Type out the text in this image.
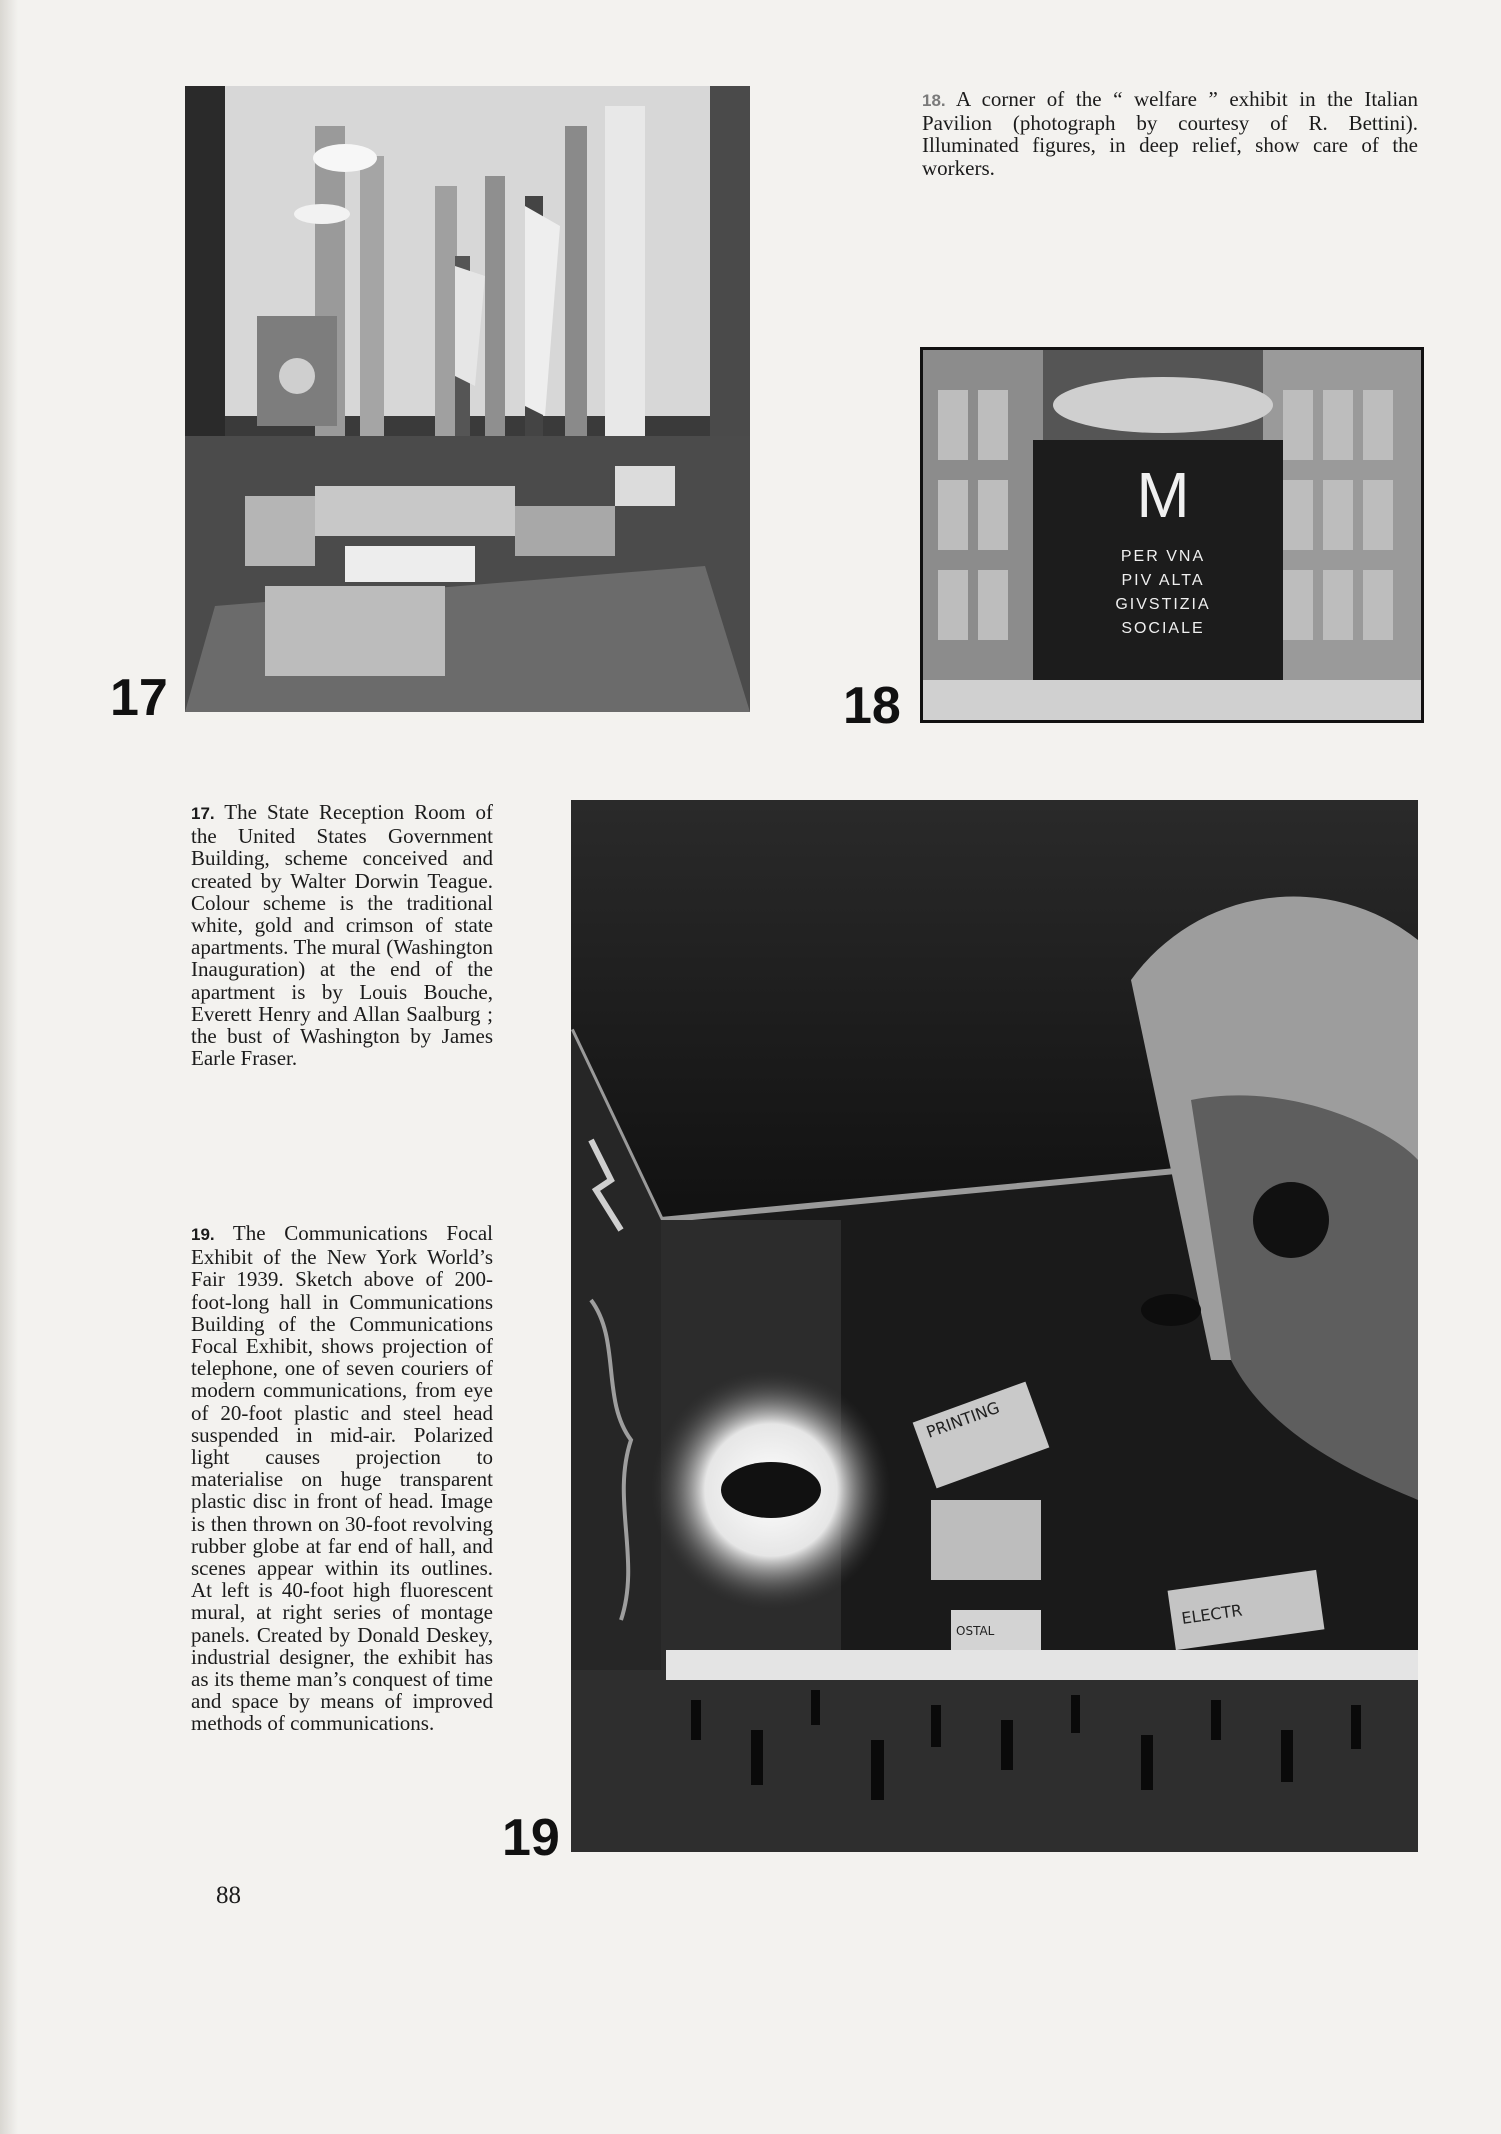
17
18. A corner of the “ welfare ” exhibit in the Italian Pavilion (photograph by courtesy of R. Bettini). Illuminated figures, in deep relief, show care of the workers.
M
PER VNA
PIV ALTA
GIVSTIZIA
SOCIALE
18
17. The State Reception Room of the United States Government Building, scheme conceived and created by Walter Dorwin Teague. Colour scheme is the traditional white, gold and crimson of state apartments. The mural (Washington Inauguration) at the end of the apartment is by Louis Bouche, Everett Henry and Allan Saalburg ; the bust of Washington by James Earle Fraser.
PRINTING
OSTAL
ELECTR
19
19. The Communications Focal Exhibit of the New York World’s Fair 1939. Sketch above of 200-foot-long hall in Communications Building of the Communications Focal Exhibit, shows projection of telephone, one of seven couriers of modern communications, from eye of 20-foot plastic and steel head suspended in mid-air. Polarized light causes projection to materialise on huge transparent plastic disc in front of head. Image is then thrown on 30-foot revolving rubber globe at far end of hall, and scenes appear within its outlines. At left is 40-foot high fluorescent mural, at right series of montage panels. Created by Donald Deskey, industrial designer, the exhibit has as its theme man’s conquest of time and space by means of improved methods of communications.
88
